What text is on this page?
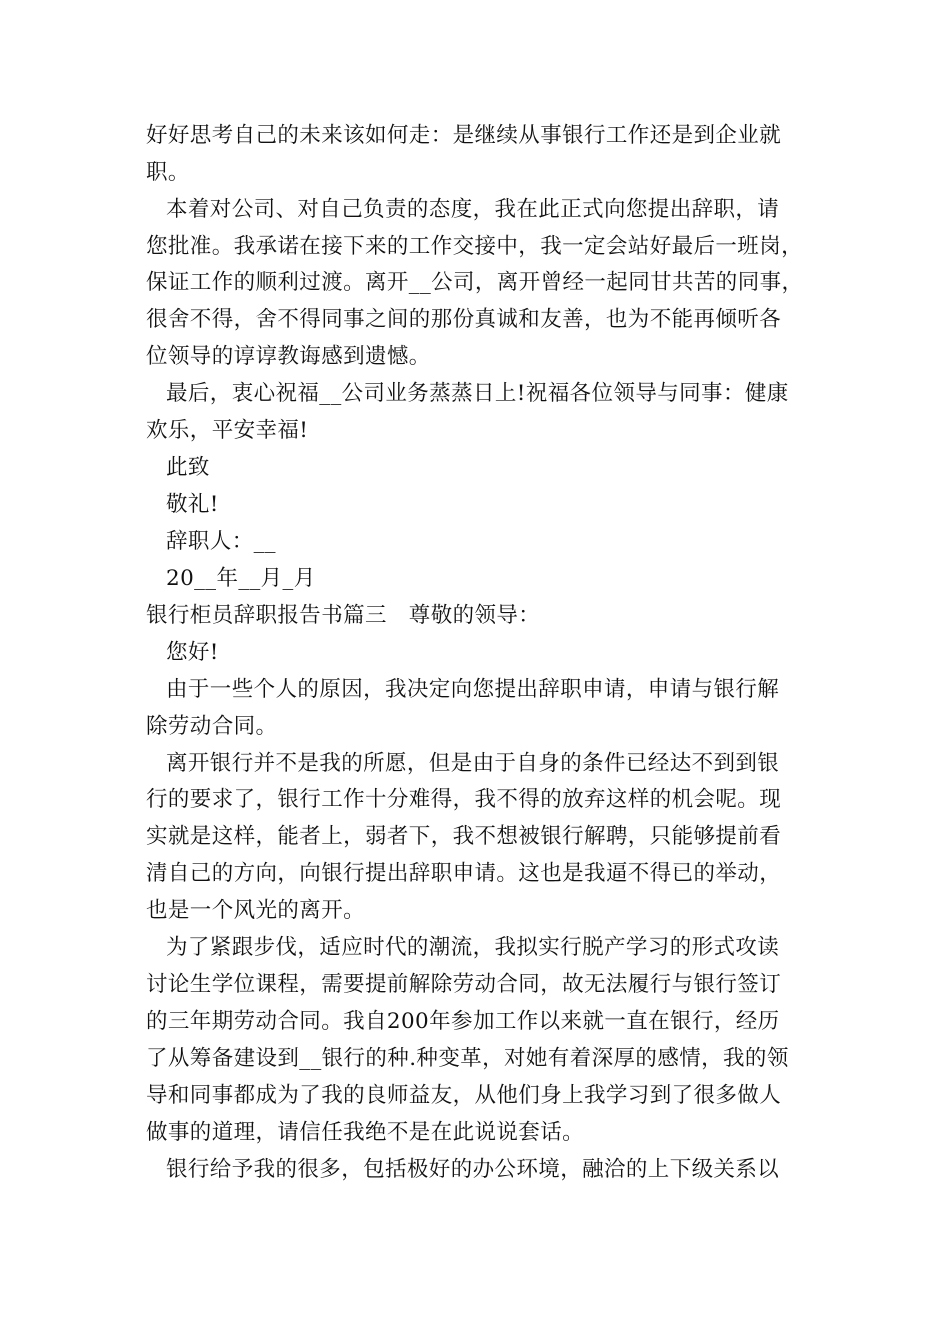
好好思考自己的未来该如何走：是继续从事银行工作还是到企业就
职。
本着对公司、对自己负责的态度，我在此正式向您提出辞职，请
您批准。我承诺在接下来的工作交接中，我一定会站好最后一班岗，
保证工作的顺利过渡。离开__公司，离开曾经一起同甘共苦的同事，
很舍不得，舍不得同事之间的那份真诚和友善，也为不能再倾听各
位领导的谆谆教诲感到遗憾。
最后，衷心祝福__公司业务蒸蒸日上!祝福各位领导与同事：健康
欢乐，平安幸福!
此致
敬礼!
辞职人：__
20__年__月_月
银行柜员辞职报告书篇三　尊敬的领导：
您好!
由于一些个人的原因，我决定向您提出辞职申请，申请与银行解
除劳动合同。
离开银行并不是我的所愿，但是由于自身的条件已经达不到到银
行的要求了，银行工作十分难得，我不得的放弃这样的机会呢。现
实就是这样，能者上，弱者下，我不想被银行解聘，只能够提前看
清自己的方向，向银行提出辞职申请。这也是我逼不得已的举动，
也是一个风光的离开。
为了紧跟步伐，适应时代的潮流，我拟实行脱产学习的形式攻读
讨论生学位课程，需要提前解除劳动合同，故无法履行与银行签订
的三年期劳动合同。我自200年参加工作以来就一直在银行，经历
了从筹备建设到__银行的种.种变革，对她有着深厚的感情，我的领
导和同事都成为了我的良师益友，从他们身上我学习到了很多做人
做事的道理，请信任我绝不是在此说说套话。
银行给予我的很多，包括极好的办公环境，融洽的上下级关系以
